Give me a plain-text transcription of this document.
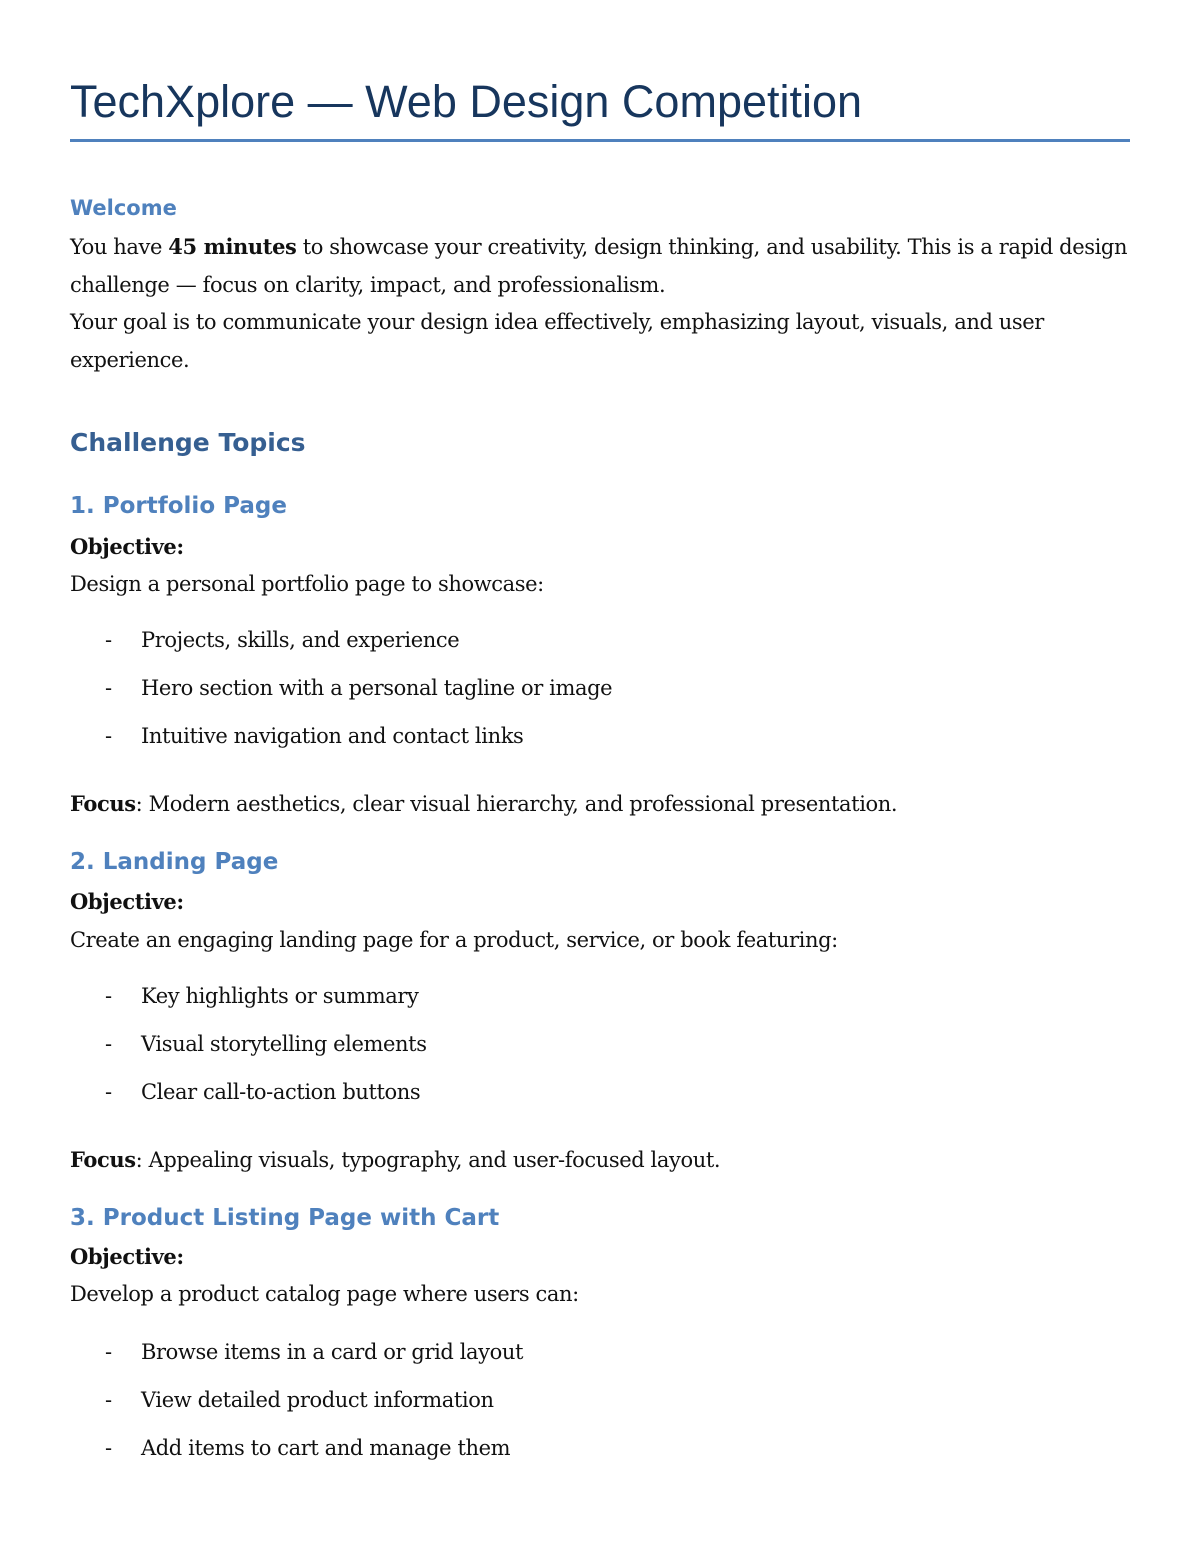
TechXplore — Web Design Competition
Welcome

You have 45 minutes to showcase your creativity, design thinking, and usability. This is a rapid design challenge — focus on clarity, impact, and professionalism.

Your goal is to communicate your design idea effectively, emphasizing layout, visuals, and user experience.

Challenge Topics
1. Portfolio Page
Objective:
Design a personal portfolio page to showcase:
- Projects, skills, and experience
- Hero section with a personal tagline or image
- Intuitive navigation and contact links
Focus: Modern aesthetics, clear visual hierarchy, and professional presentation.
2. Landing Page
Objective:
Create an engaging landing page for a product, service, or book featuring:
- Key highlights or summary
- Visual storytelling elements
- Clear call-to-action buttons
Focus: Appealing visuals, typography, and user-focused layout.
3. Product Listing Page with Cart
Objective:
Develop a product catalog page where users can:
- Browse items in a card or grid layout
- View detailed product information
- Add items to cart and manage them
